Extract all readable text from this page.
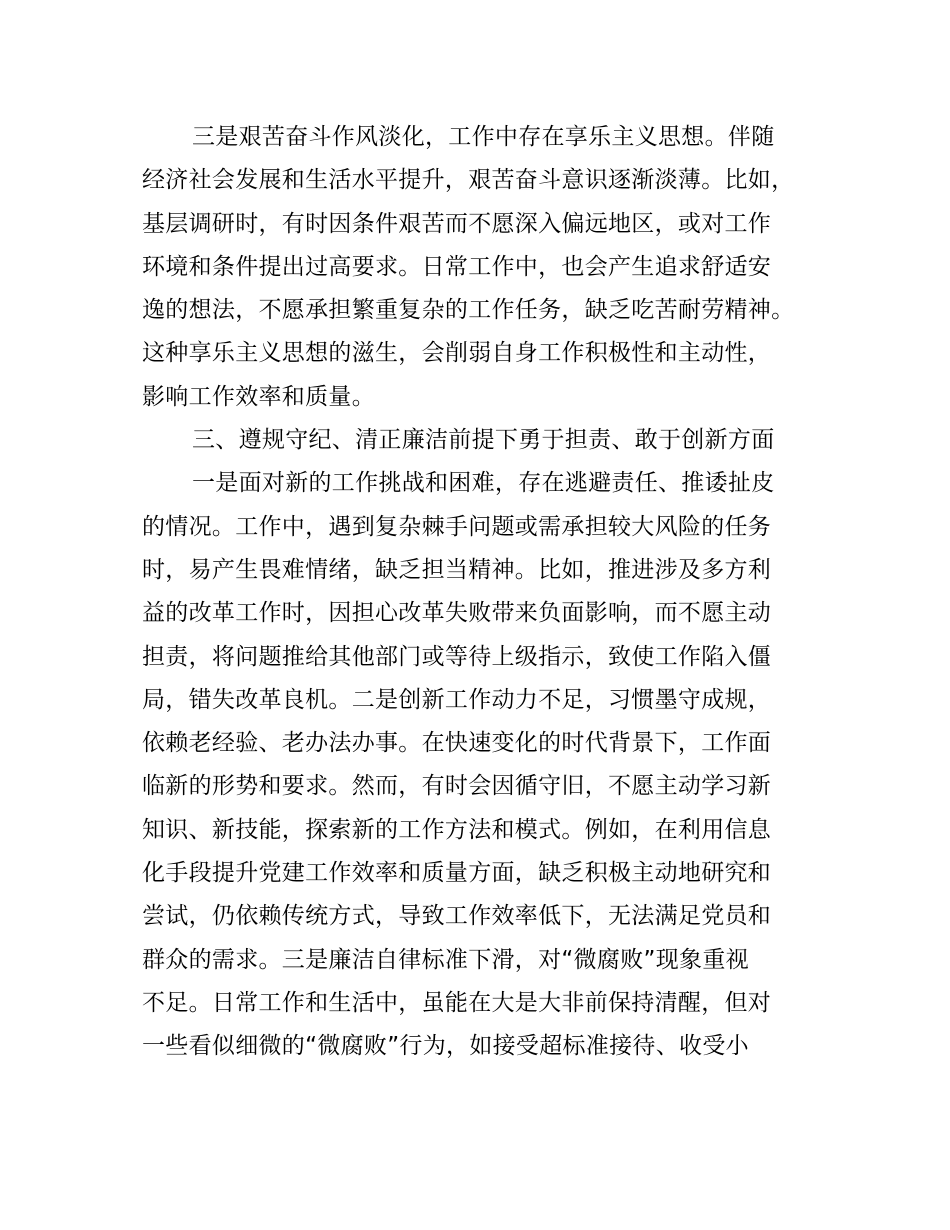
三是艰苦奋斗作风淡化，工作中存在享乐主义思想。伴随
经济社会发展和生活水平提升，艰苦奋斗意识逐渐淡薄。比如，
基层调研时，有时因条件艰苦而不愿深入偏远地区，或对工作
环境和条件提出过高要求。日常工作中，也会产生追求舒适安
逸的想法，不愿承担繁重复杂的工作任务，缺乏吃苦耐劳精神。
这种享乐主义思想的滋生，会削弱自身工作积极性和主动性，
影响工作效率和质量。
三、遵规守纪、清正廉洁前提下勇于担责、敢于创新方面
一是面对新的工作挑战和困难，存在逃避责任、推诿扯皮
的情况。工作中，遇到复杂棘手问题或需承担较大风险的任务
时，易产生畏难情绪，缺乏担当精神。比如，推进涉及多方利
益的改革工作时，因担心改革失败带来负面影响，而不愿主动
担责，将问题推给其他部门或等待上级指示，致使工作陷入僵
局，错失改革良机。二是创新工作动力不足，习惯墨守成规，
依赖老经验、老办法办事。在快速变化的时代背景下，工作面
临新的形势和要求。然而，有时会因循守旧，不愿主动学习新
知识、新技能，探索新的工作方法和模式。例如，在利用信息
化手段提升党建工作效率和质量方面，缺乏积极主动地研究和
尝试，仍依赖传统方式，导致工作效率低下，无法满足党员和
群众的需求。三是廉洁自律标准下滑，对“微腐败”现象重视
不足。日常工作和生活中，虽能在大是大非前保持清醒，但对
一些看似细微的“微腐败”行为，如接受超标准接待、收受小
